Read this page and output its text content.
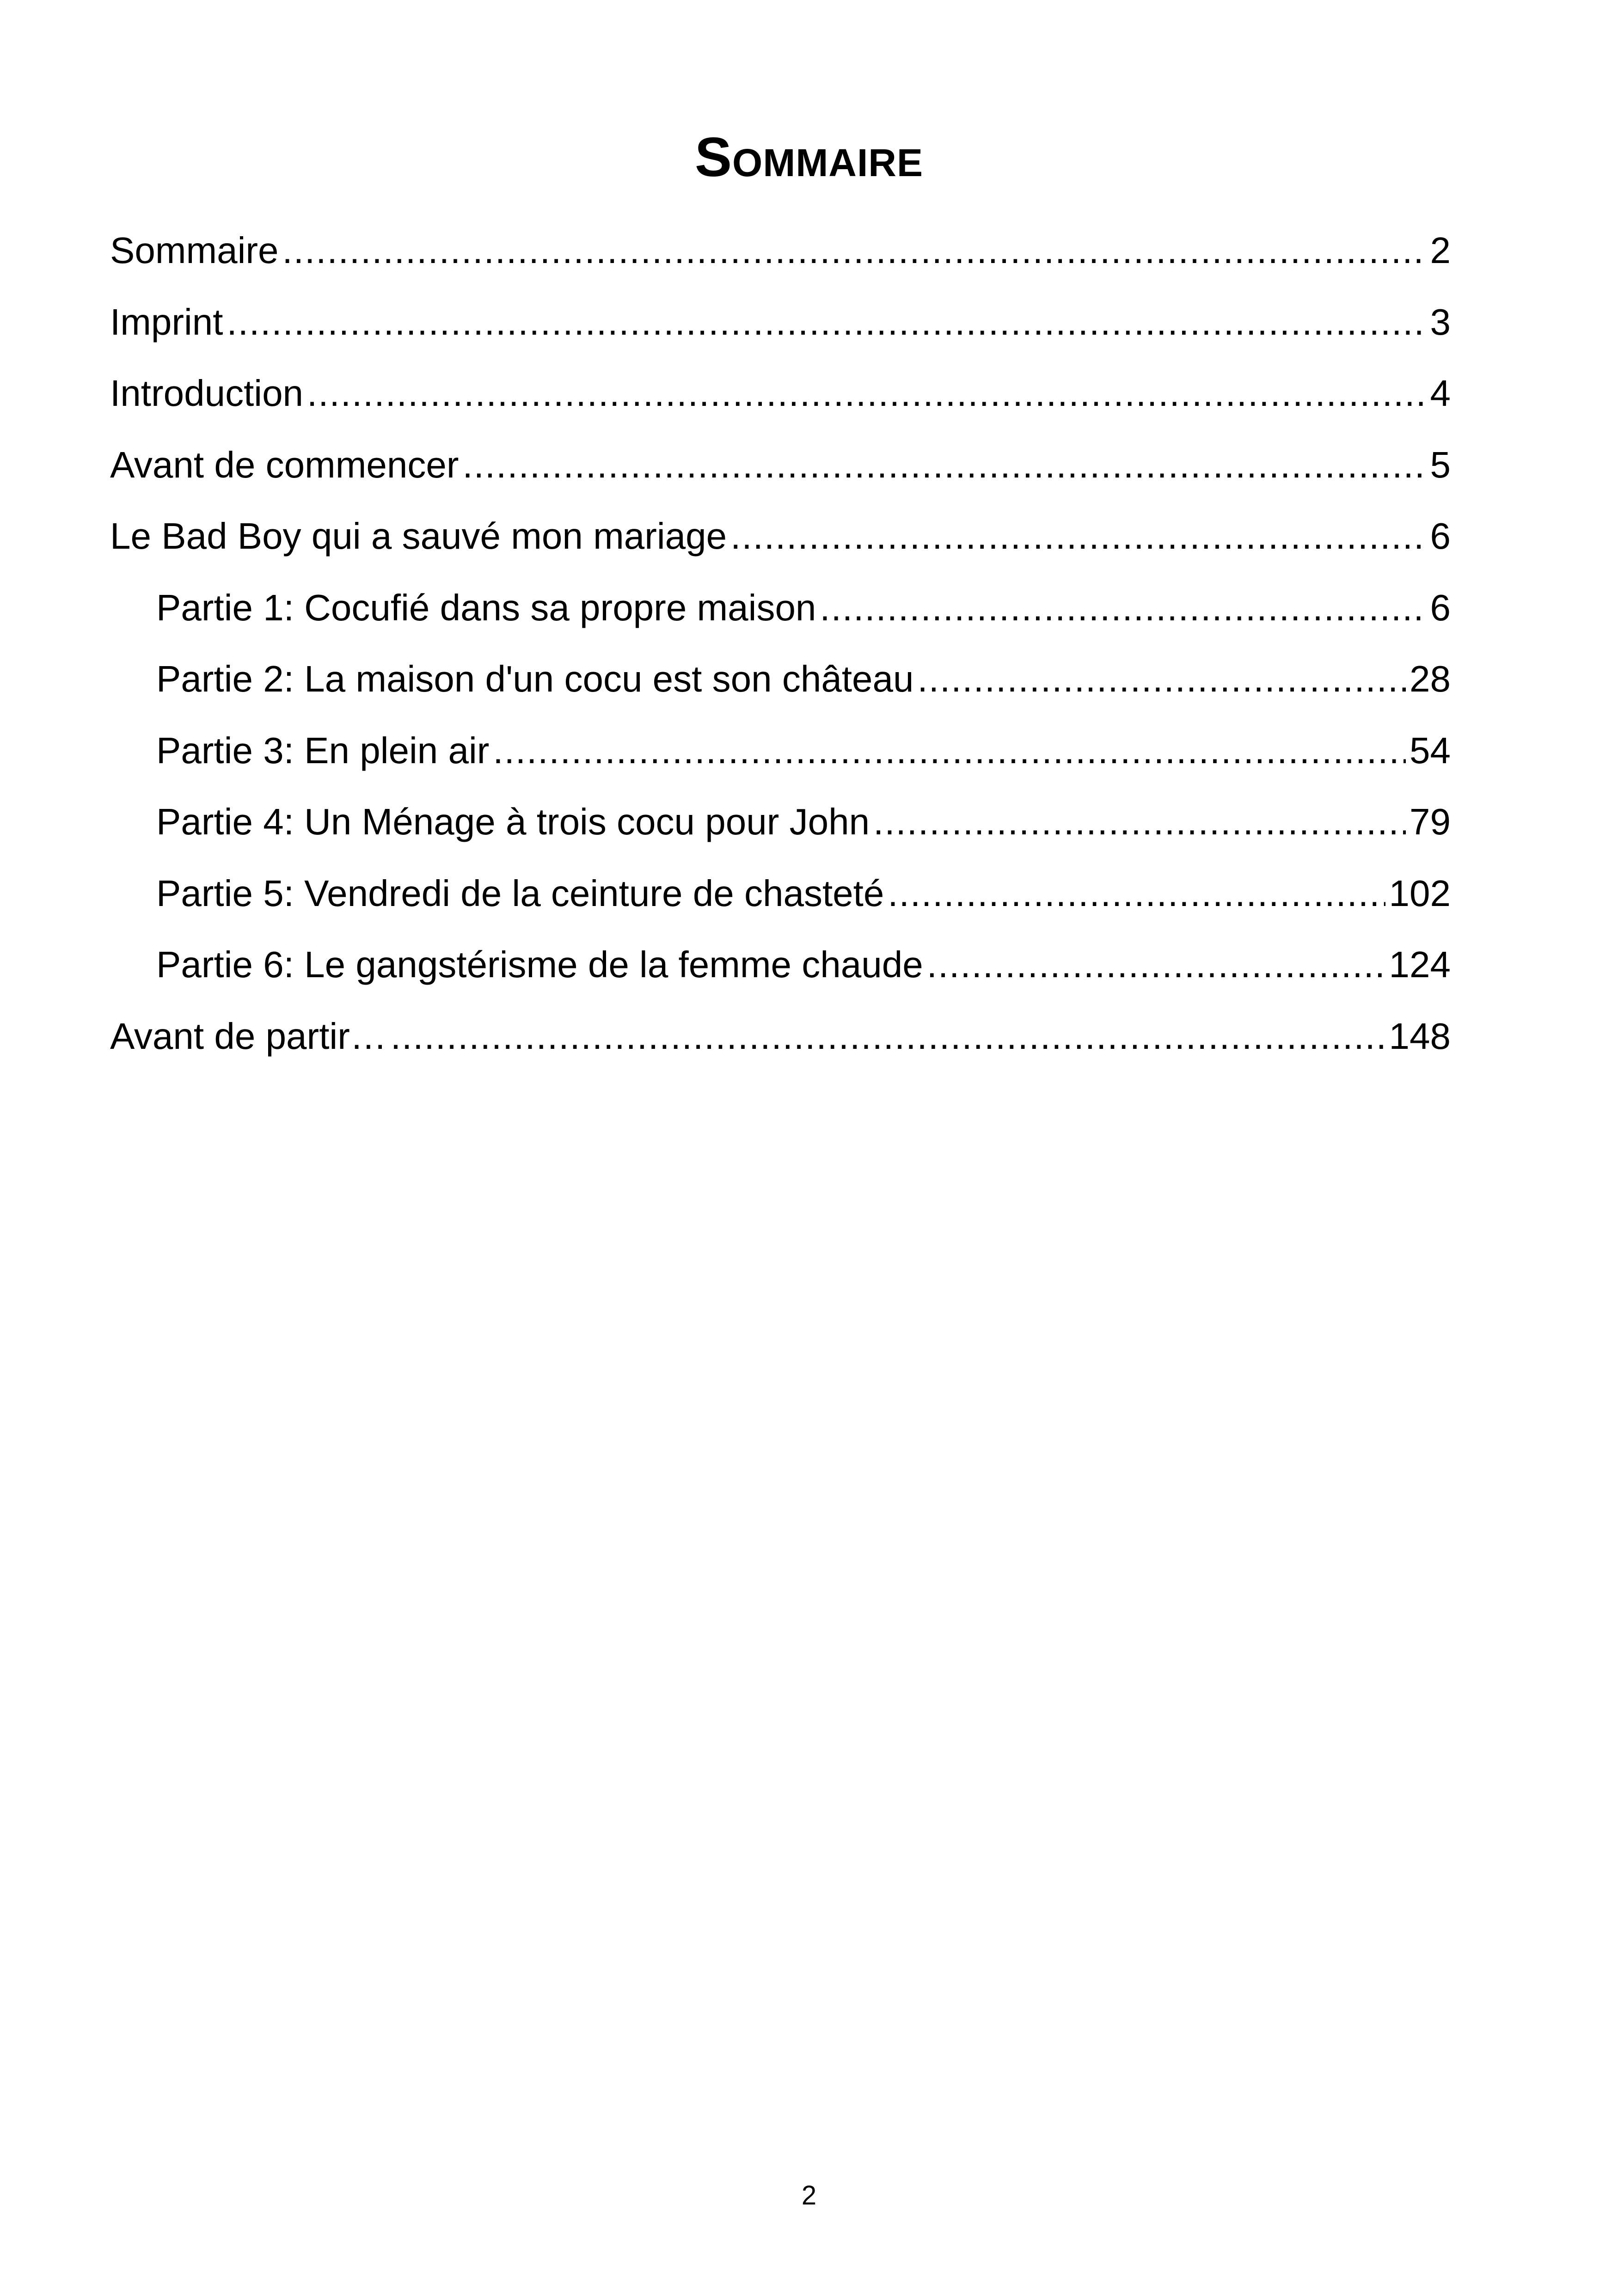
Sommaire
Sommaire .....	2
Imprint .....	3
Introduction .....	4
Avant de commencer .....	5
Le Bad Boy qui a sauvé mon mariage .....	6
Partie 1: Cocufié dans sa propre maison .....	6
Partie 2: La maison d'un cocu est son château .....	28
Partie 3: En plein air .....	54
Partie 4: Un Ménage à trois cocu pour John .....	79
Partie 5: Vendredi de la ceinture de chasteté .....	102
Partie 6: Le gangstérisme de la femme chaude .....	124
Avant de partir… .....	148
2
